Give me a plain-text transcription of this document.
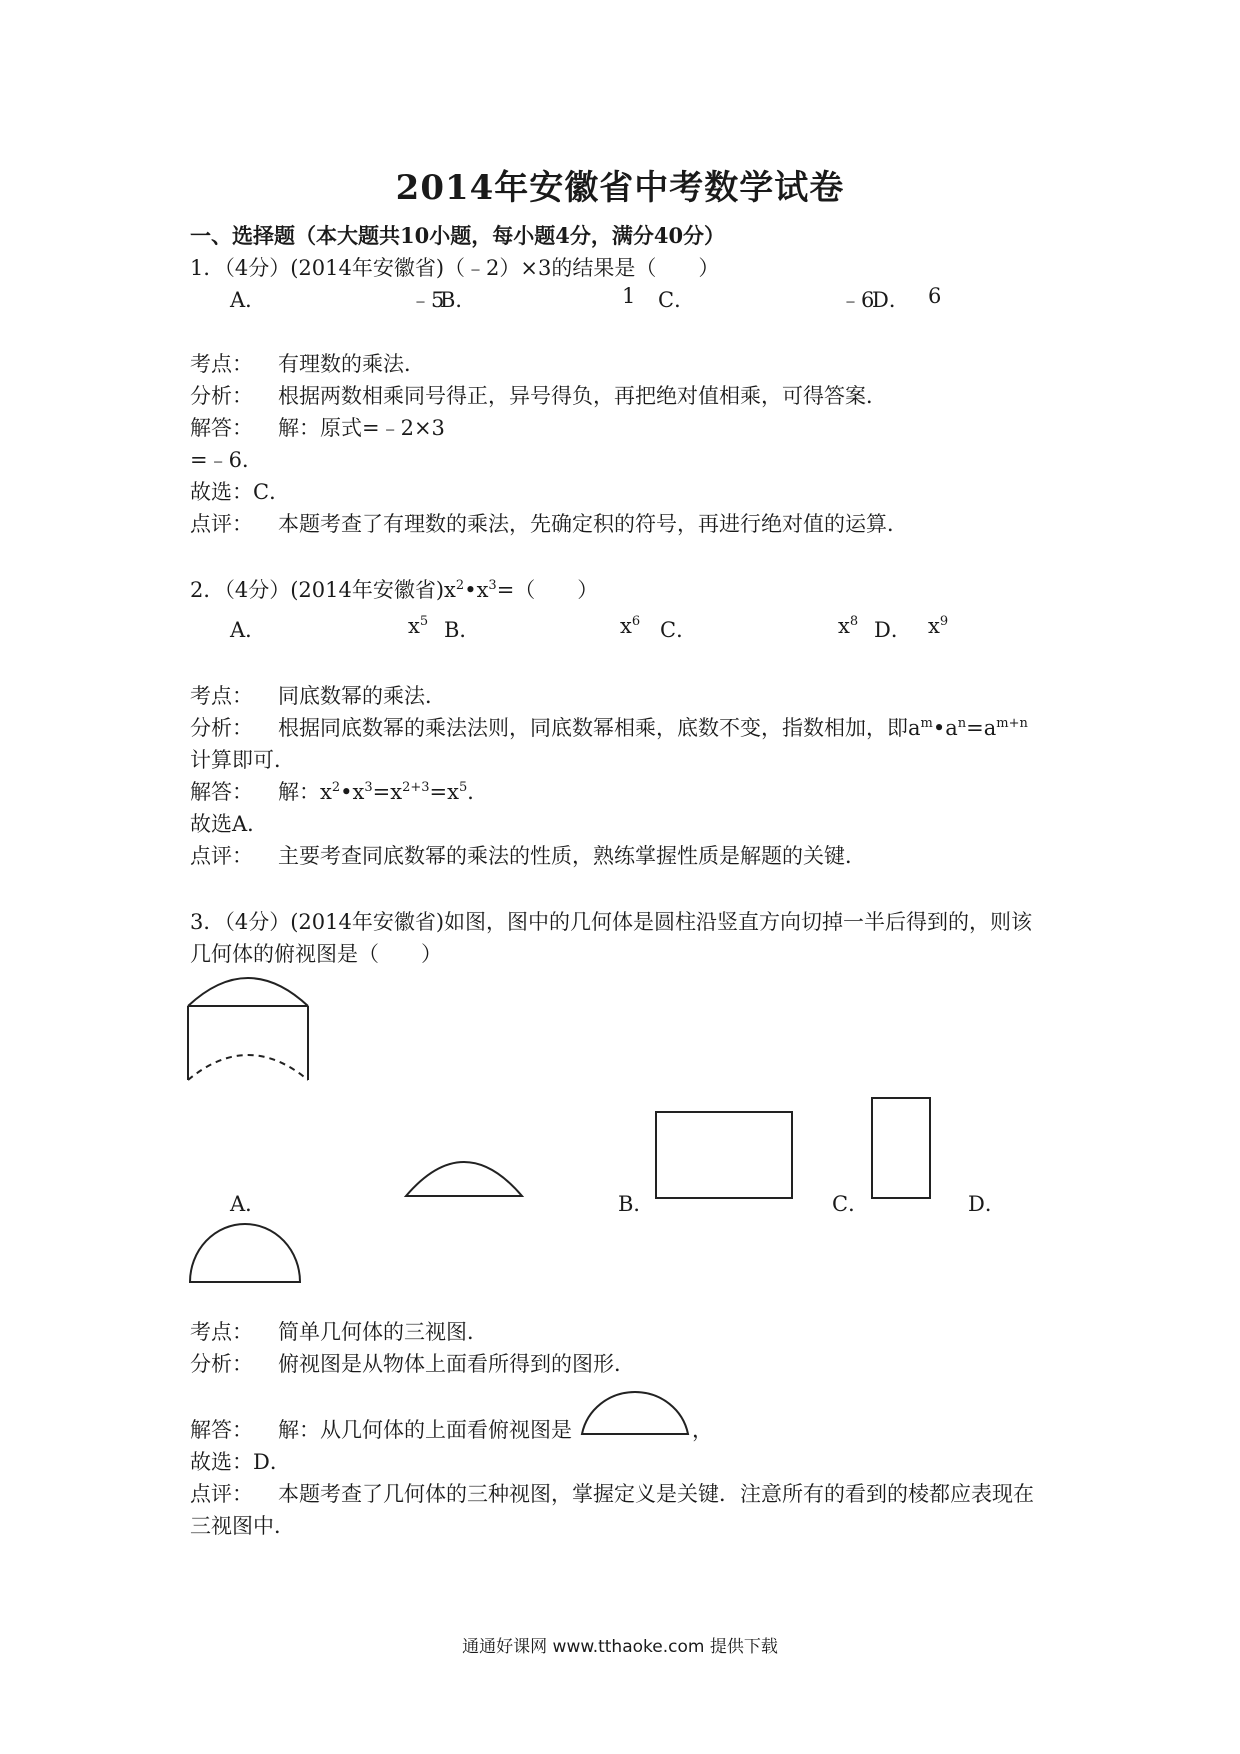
2014年安徽省中考数学试卷
一、选择题（本大题共10小题，每小题4分，满分40分）
1．（4分）(2014年安徽省)（﹣2）×3的结果是（　　）
A．	﹣5
B．	1 C．	﹣6
D． 6
考点： 有理数的乘法．
分析： 根据两数相乘同号得正，异号得负，再把绝对值相乘，可得答案．
解答： 解：原式=﹣2×3
=﹣6．
故选：C．
点评： 本题考查了有理数的乘法，先确定积的符号，再进行绝对值的运算．
2．（4分）(2014年安徽省)$x^2•x^3=$（　　）
A．	$x^5$ B．	$x^6$ C．	$x^8$ D． $x^9$
考点： 同底数幂的乘法．
分析： 根据同底数幂的乘法法则，同底数幂相乘，底数不变，指数相加，即$a^m•a^n=a^{m+n}$
计算即可．
解答： 解：$x^2•x^3=x^{2+3}=x^5$．
故选A．
点评： 主要考查同底数幂的乘法的性质，熟练掌握性质是解题的关键．
3．（4分）(2014年安徽省)如图，图中的几何体是圆柱沿竖直方向切掉一半后得到的，则该
几何体的俯视图是（　　）
A．	B．	C．	D．
考点： 简单几何体的三视图．
分析： 俯视图是从物体上面看所得到的图形．
解答： 解：从几何体的上面看俯视图是	，
故选：D．
点评： 本题考查了几何体的三种视图，掌握定义是关键．注意所有的看到的棱都应表现在
三视图中．
通通好课网 www.tthaoke.com 提供下载
